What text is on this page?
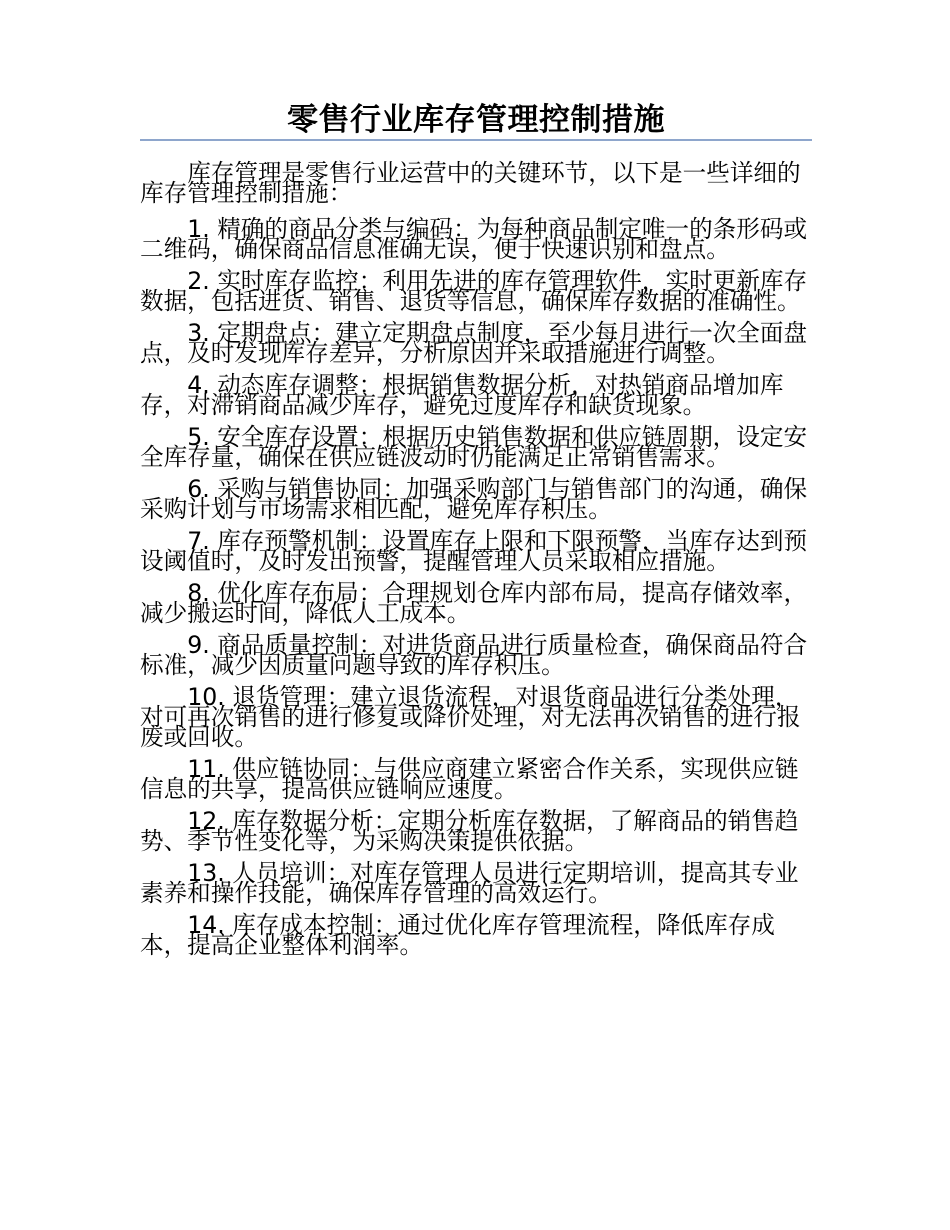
零售行业库存管理控制措施

库存管理是零售行业运营中的关键环节，以下是一些详细的库存管理控制措施：

1. 精确的商品分类与编码：为每种商品制定唯一的条形码或二维码，确保商品信息准确无误，便于快速识别和盘点。

2. 实时库存监控：利用先进的库存管理软件，实时更新库存数据，包括进货、销售、退货等信息，确保库存数据的准确性。

3. 定期盘点：建立定期盘点制度，至少每月进行一次全面盘点，及时发现库存差异，分析原因并采取措施进行调整。

4. 动态库存调整：根据销售数据分析，对热销商品增加库存，对滞销商品减少库存，避免过度库存和缺货现象。

5. 安全库存设置：根据历史销售数据和供应链周期，设定安全库存量，确保在供应链波动时仍能满足正常销售需求。

6. 采购与销售协同：加强采购部门与销售部门的沟通，确保采购计划与市场需求相匹配，避免库存积压。

7. 库存预警机制：设置库存上限和下限预警，当库存达到预设阈值时，及时发出预警，提醒管理人员采取相应措施。

8. 优化库存布局：合理规划仓库内部布局，提高存储效率，减少搬运时间，降低人工成本。

9. 商品质量控制：对进货商品进行质量检查，确保商品符合标准，减少因质量问题导致的库存积压。

10. 退货管理：建立退货流程，对退货商品进行分类处理，对可再次销售的进行修复或降价处理，对无法再次销售的进行报废或回收。

11. 供应链协同：与供应商建立紧密合作关系，实现供应链信息的共享，提高供应链响应速度。

12. 库存数据分析：定期分析库存数据，了解商品的销售趋势、季节性变化等，为采购决策提供依据。

13. 人员培训：对库存管理人员进行定期培训，提高其专业素养和操作技能，确保库存管理的高效运行。

14. 库存成本控制：通过优化库存管理流程，降低库存成本，提高企业整体利润率。
